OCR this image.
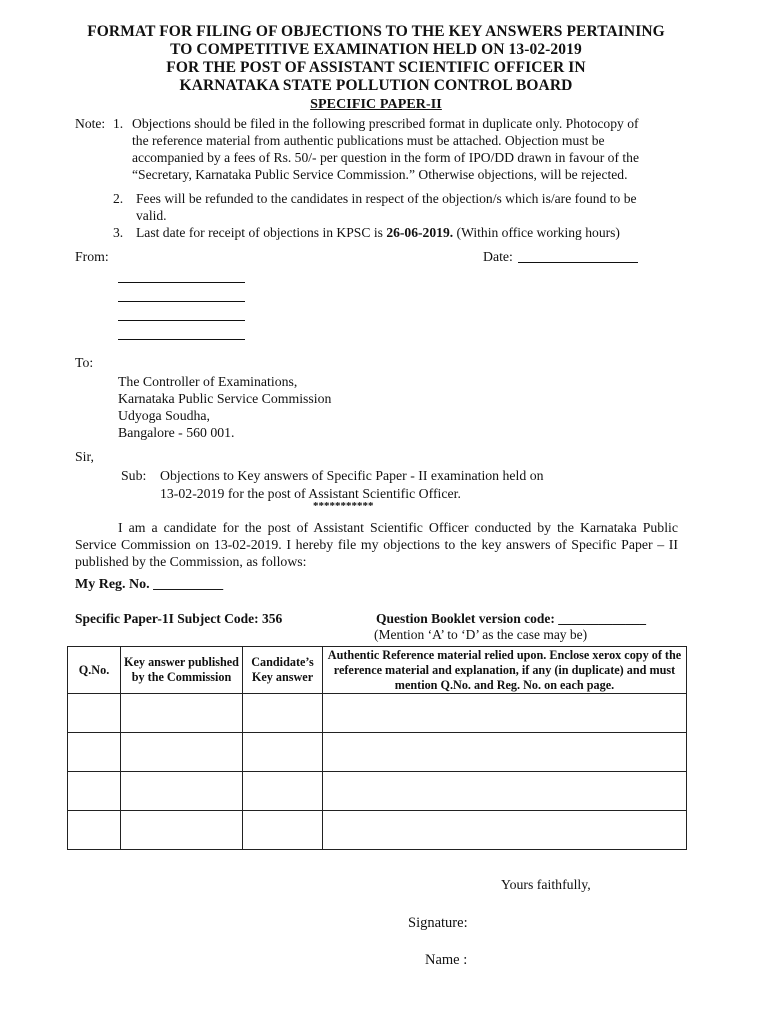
FORMAT FOR FILING OF OBJECTIONS TO THE KEY ANSWERS PERTAINING
TO COMPETITIVE EXAMINATION HELD ON 13-02-2019
FOR THE POST OF ASSISTANT SCIENTIFIC OFFICER IN
KARNATAKA STATE POLLUTION CONTROL BOARD
SPECIFIC PAPER-II
Note: 1. Objections should be filed in the following prescribed format in duplicate only. Photocopy of
the reference material from authentic publications must be attached. Objection must be
accompanied by a fees of Rs. 50/- per question in the form of IPO/DD drawn in favour of the
“Secretary, Karnataka Public Service Commission.” Otherwise objections, will be rejected.
2. Fees will be refunded to the candidates in respect of the objection/s which is/are found to be
valid.
3. Last date for receipt of objections in KPSC is 26-06-2019. (Within office working hours)
From:	Date:
To:
The Controller of Examinations,
Karnataka Public Service Commission
Udyoga Soudha,
Bangalore - 560 001.
Sir,
Sub: Objections to Key answers of Specific Paper - II examination held on
13-02-2019 for the post of Assistant Scientific Officer.
***********
I am a candidate for the post of Assistant Scientific Officer conducted by the Karnataka Public Service Commission on 13-02-2019. I hereby file my objections to the key answers of Specific Paper – II published by the Commission, as follows:
My Reg. No. __________
Specific Paper-1I Subject Code: 356	Question Booklet version code: _____________
(Mention ‘A’ to ‘D’ as the case may be)
Q.No.	Key answer published by the Commission	Candidate’s Key answer	Authentic Reference material relied upon. Enclose xerox copy of the reference material and explanation, if any (in duplicate) and must mention Q.No. and Reg. No. on each page.

Yours faithfully,
Signature:
Name :
